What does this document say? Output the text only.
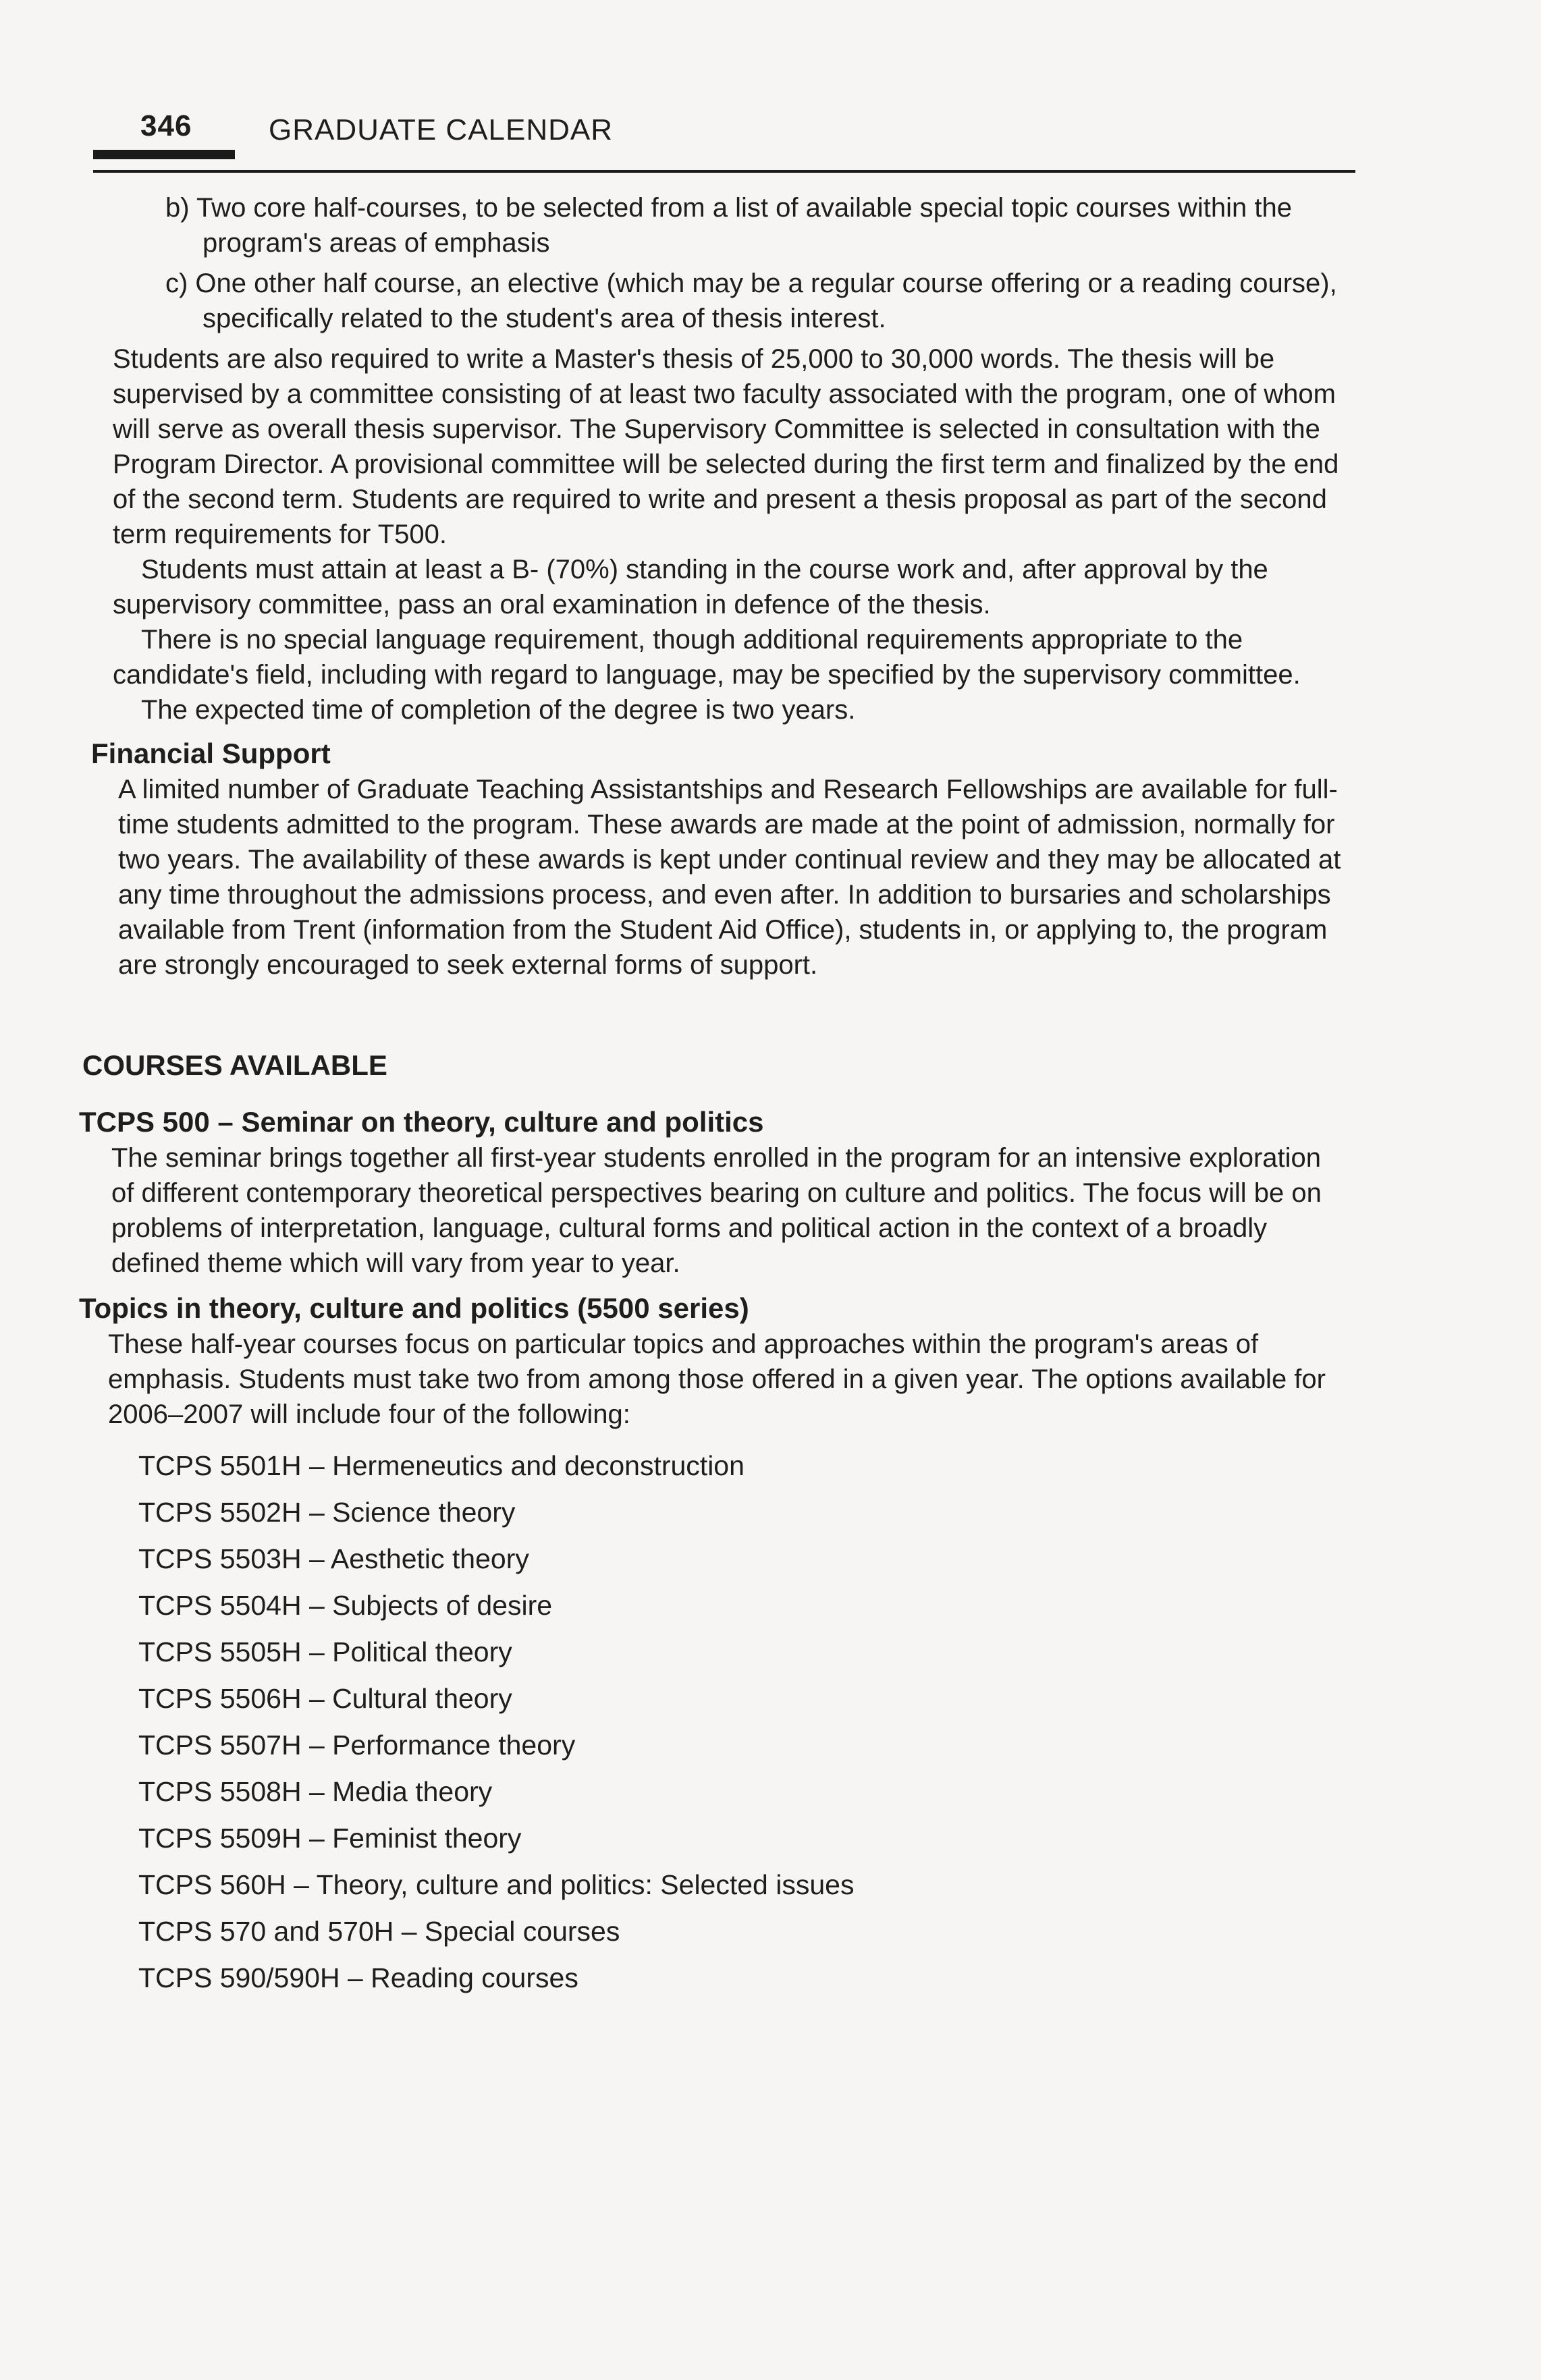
346	GRADUATE CALENDAR

b) Two core half-courses, to be selected from a list of available special topic courses within the program's areas of emphasis

c) One other half course, an elective (which may be a regular course offering or a reading course), specifically related to the student's area of thesis interest.

Students are also required to write a Master's thesis of 25,000 to 30,000 words. The thesis will be supervised by a committee consisting of at least two faculty associated with the program, one of whom will serve as overall thesis supervisor. The Supervisory Committee is selected in consultation with the Program Director. A provisional committee will be selected during the first term and finalized by the end of the second term. Students are required to write and present a thesis proposal as part of the second term requirements for T500.

Students must attain at least a B- (70%) standing in the course work and, after approval by the supervisory committee, pass an oral examination in defence of the thesis.

There is no special language requirement, though additional requirements appropriate to the candidate's field, including with regard to language, may be specified by the supervisory committee.

The expected time of completion of the degree is two years.

Financial Support

A limited number of Graduate Teaching Assistantships and Research Fellowships are available for full-time students admitted to the program. These awards are made at the point of admission, normally for two years. The availability of these awards is kept under continual review and they may be allocated at any time throughout the admissions process, and even after. In addition to bursaries and scholarships available from Trent (information from the Student Aid Office), students in, or applying to, the program are strongly encouraged to seek external forms of support.

COURSES AVAILABLE
TCPS 500 – Seminar on theory, culture and politics

The seminar brings together all first-year students enrolled in the program for an intensive exploration of different contemporary theoretical perspectives bearing on culture and politics. The focus will be on problems of interpretation, language, cultural forms and political action in the context of a broadly defined theme which will vary from year to year.

Topics in theory, culture and politics (5500 series)

These half-year courses focus on particular topics and approaches within the program's areas of emphasis. Students must take two from among those offered in a given year. The options available for 2006–2007 will include four of the following:

TCPS 5501H – Hermeneutics and deconstruction
TCPS 5502H – Science theory
TCPS 5503H – Aesthetic theory
TCPS 5504H – Subjects of desire
TCPS 5505H – Political theory
TCPS 5506H – Cultural theory
TCPS 5507H – Performance theory
TCPS 5508H – Media theory
TCPS 5509H – Feminist theory
TCPS 560H – Theory, culture and politics: Selected issues
TCPS 570 and 570H – Special courses
TCPS 590/590H – Reading courses
